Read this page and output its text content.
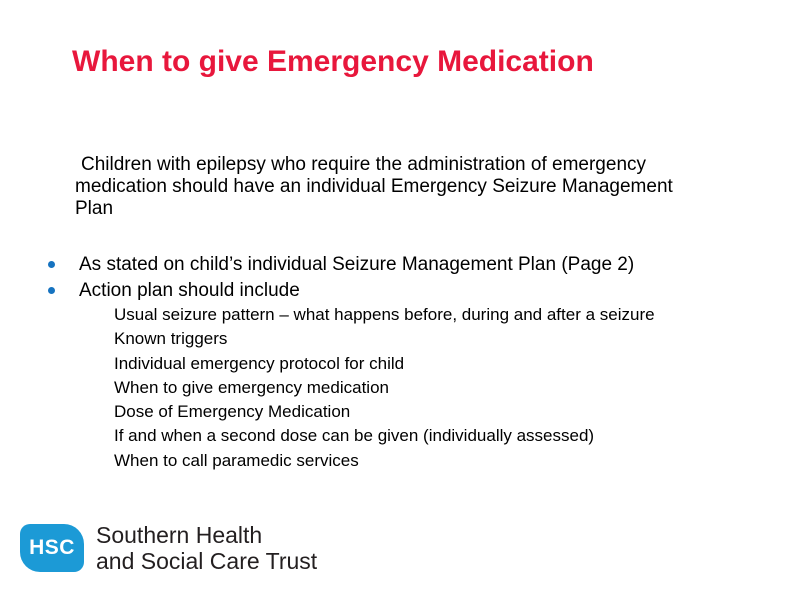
When to give Emergency Medication
Children with epilepsy who require the administration of emergency
medication should have an individual Emergency Seizure Management
Plan
As stated on child’s individual Seizure Management Plan (Page 2)
Action plan should include
Usual seizure pattern – what happens before, during and after a seizure
Known triggers
Individual emergency protocol for child
When to give emergency medication
Dose of Emergency Medication
If and when a second dose can be given (individually assessed)
When to call paramedic services
HSC Southern Health
and Social Care Trust
